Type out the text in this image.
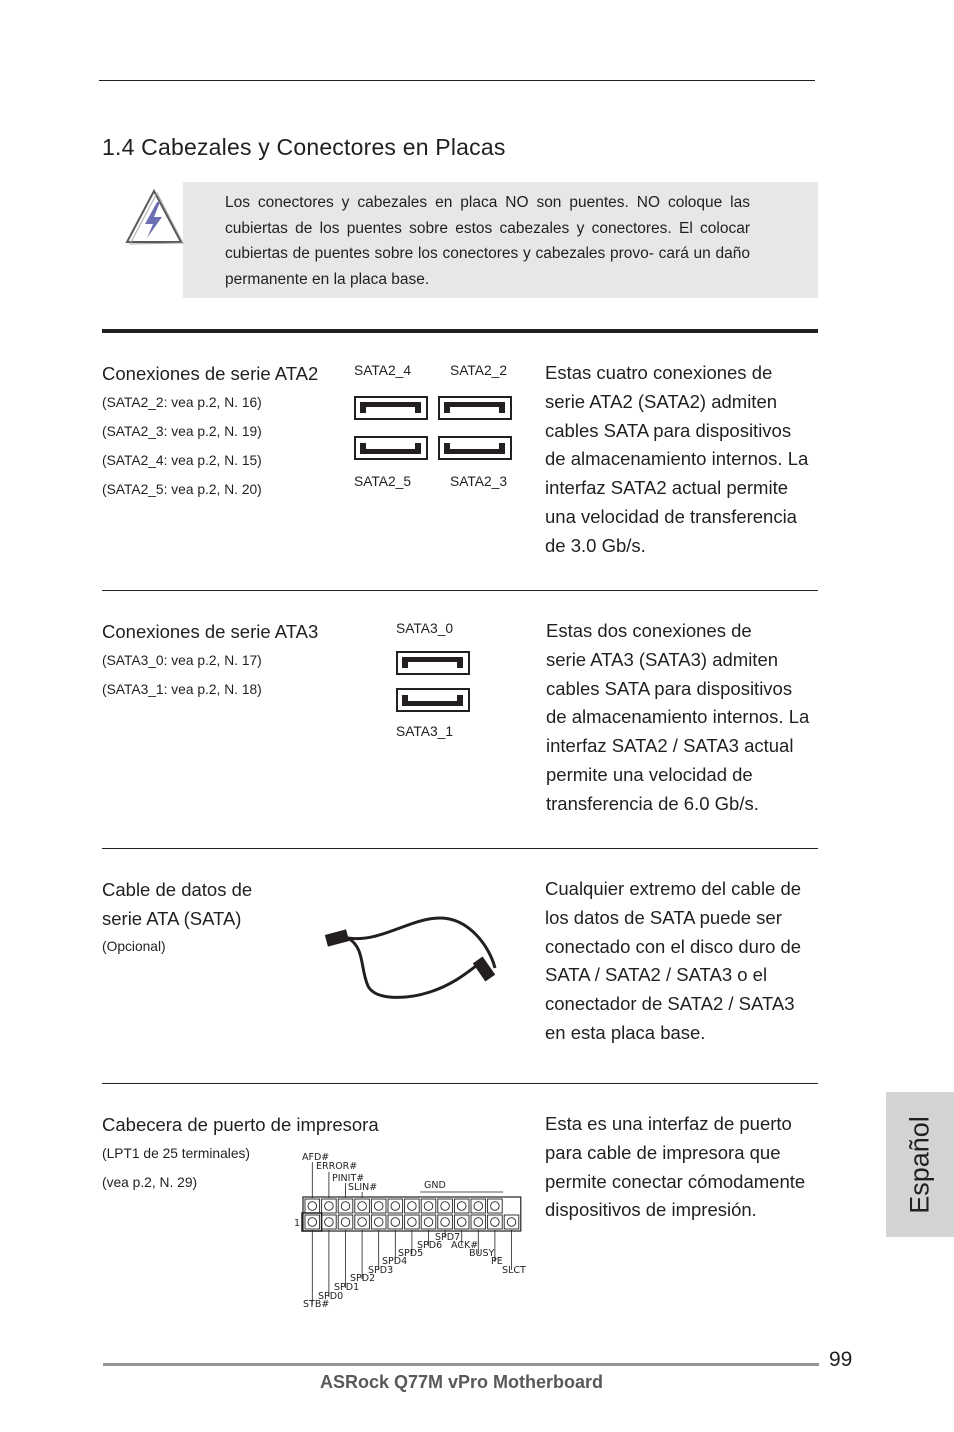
1.4 Cabezales y Conectores en Placas
Los conectores y cabezales en placa NO son puentes. NO coloque las cubiertas de los puentes sobre estos cabezales y conectores. El colocar cubiertas de puentes sobre los conectores y cabezales provo- cará un daño permanente en la placa base.
Conexiones de serie ATA2
(SATA2_2: vea p.2, N. 16)
(SATA2_3: vea p.2, N. 19)
(SATA2_4: vea p.2, N. 15)
(SATA2_5: vea p.2, N. 20)
SATA2_4	SATA2_2
SATA2_5	SATA2_3
Estas cuatro conexiones de
serie ATA2 (SATA2) admiten
cables SATA para dispositivos
de almacenamiento internos. La
interfaz SATA2 actual permite
una velocidad de transferencia
de 3.0 Gb/s.
Conexiones de serie ATA3
(SATA3_0: vea p.2, N. 17)
(SATA3_1: vea p.2, N. 18)
SATA3_0
SATA3_1
Estas dos conexiones de
serie ATA3 (SATA3) admiten
cables SATA para dispositivos
de almacenamiento internos. La
interfaz SATA2 / SATA3 actual
permite una velocidad de
transferencia de 6.0 Gb/s.
Cable de datos de
serie ATA (SATA)
(Opcional)
Cualquier extremo del cable de
los datos de SATA puede ser
conectado con el disco duro de
SATA / SATA2 / SATA3 o el
conectador de SATA2 / SATA3
en esta placa base.
Cabecera de puerto de impresora
(LPT1 de 25 terminales)
(vea p.2, N. 29)
AFD#
ERROR#
PINIT#
SLIN#	GND
SPD7
SPD6 ACK#
SPD5	BUSY
SPD4	PE
SPD3	SLCT
SPD2
SPD1
SPD0
STB#
1
Esta es una interfaz de puerto
para cable de impresora que
permite conectar cómodamente
dispositivos de impresión.	Español
99
ASRock Q77M vPro Motherboard
